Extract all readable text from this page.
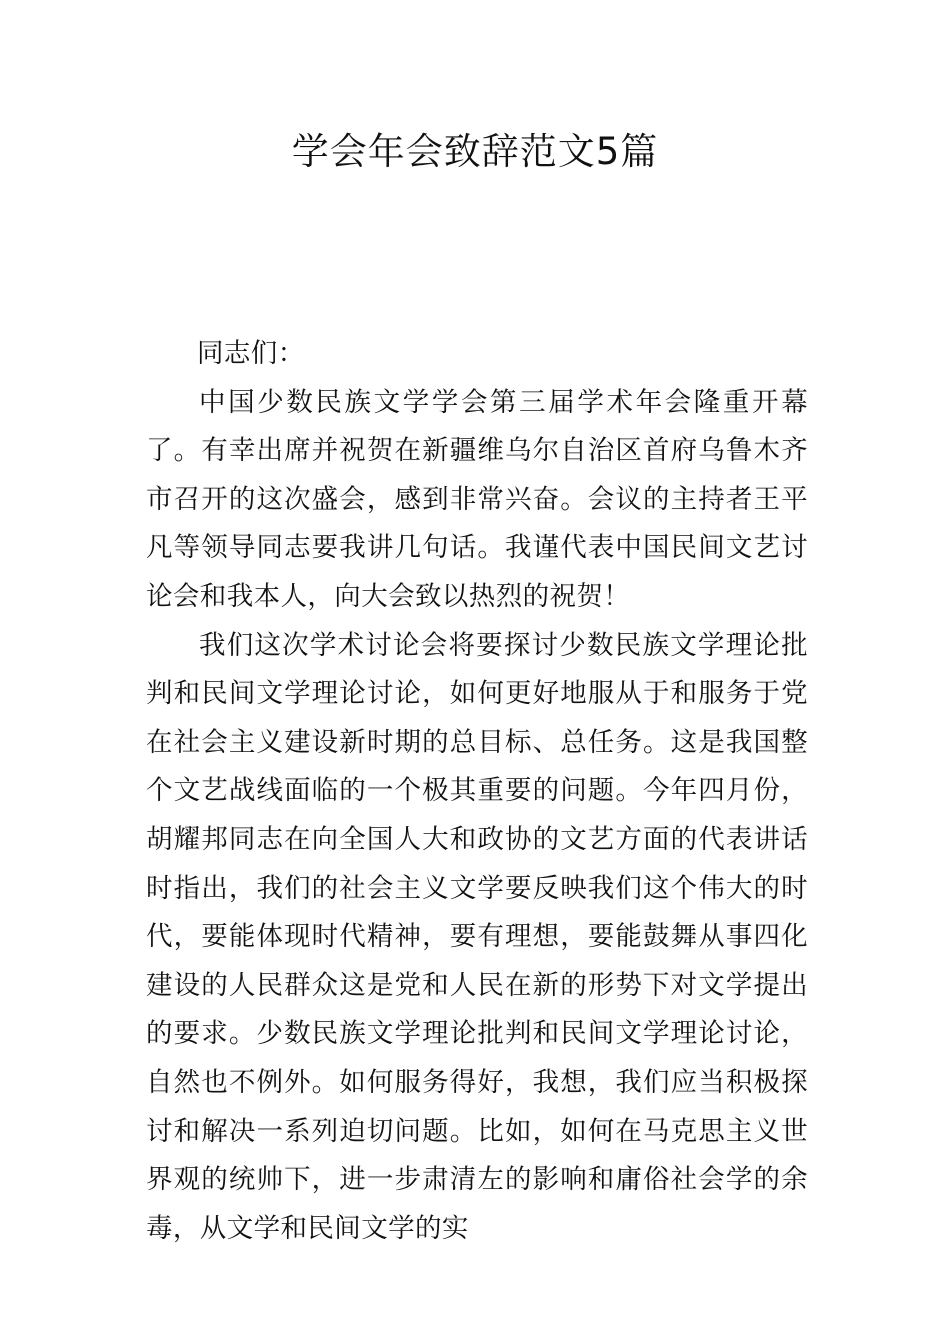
学会年会致辞范文5篇

同志们：

中国少数民族文学学会第三届学术年会隆重开幕了。有幸出席并祝贺在新疆维乌尔自治区首府乌鲁木齐市召开的这次盛会，感到非常兴奋。会议的主持者王平凡等领导同志要我讲几句话。我谨代表中国民间文艺讨论会和我本人，向大会致以热烈的祝贺！

我们这次学术讨论会将要探讨少数民族文学理论批判和民间文学理论讨论，如何更好地服从于和服务于党在社会主义建设新时期的总目标、总任务。这是我国整个文艺战线面临的一个极其重要的问题。今年四月份，胡耀邦同志在向全国人大和政协的文艺方面的代表讲话时指出，我们的社会主义文学要反映我们这个伟大的时代，要能体现时代精神，要有理想，要能鼓舞从事四化建设的人民群众这是党和人民在新的形势下对文学提出的要求。少数民族文学理论批判和民间文学理论讨论，自然也不例外。如何服务得好，我想，我们应当积极探讨和解决一系列迫切问题。比如，如何在马克思主义世界观的统帅下，进一步肃清左的影响和庸俗社会学的余毒，从文学和民间文学的实
